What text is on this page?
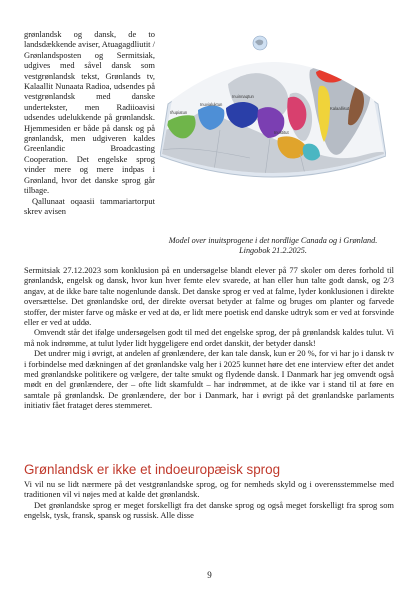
grønlandsk og dansk, de to landsdækkende aviser, Atuagagdliutit / Grønlandsposten og Sermitsiak, udgives med såvel dansk som vestgrønlandsk tekst, Grønlands tv, Kalaallit Nunaata Radioa, udsendes på vestgrønlandsk med danske undertekster, men Radiioavisi udsendes udelukkende på grønlandsk. Hjemmesiden er både på dansk og på grønlandsk, men udgiveren kaldes Greenlandic Broadcasting Cooperation. Det engelske sprog vinder mere og mere indpas i Grønland, hvor det danske sprog går tilbage.

Qallunaat oqaasii tammariartorput skrev avisen

Iñupiatun
Inuvialuktun
Inuinnaqtun
Inuktitut
Kalaallisut
Model over inuitsprogene i det nordlige Canada og i Grønland. Lingobok 21.2.2025.

Sermitsiak 27.12.2023 som konklusion på en undersøgelse blandt elever på 77 skoler om deres forhold til grønlandsk, engelsk og dansk, hvor kun hver femte elev svarede, at han eller hun talte godt dansk, og 2/3 angav, at de ikke bare talte nogenlunde dansk. Det danske sprog er ved at falme, lyder konklusionen i direkte oversættelse. Det grønlandske ord, der direkte oversat betyder at falme og bruges om planter og farvede stoffer, der mister farve og måske er ved at dø, er lidt mere poetisk end danske udtryk som er ved at forsvinde eller er ved at uddø.

Omvendt står det ifølge undersøgelsen godt til med det engelske sprog, der på grønlandsk kaldes tulut. Vi må nok indrømme, at tulut lyder lidt hyggeligere end ordet danskit, der betyder dansk!

Det undrer mig i øvrigt, at andelen af grønlændere, der kan tale dansk, kun er 20 %, for vi har jo i dansk tv i forbindelse med dækningen af det grønlandske valg her i 2025 kunnet høre det ene interview efter det andet med grønlandske politikere og vælgere, der talte smukt og flydende dansk. I Danmark har jeg omvendt også mødt en del grønlændere, der – ofte lidt skamfuldt – har indrømmet, at de ikke var i stand til at føre en samtale på grønlandsk. De grønlændere, der bor i Danmark, har i øvrigt på det grønlandske parlaments initiativ fået frataget deres stemmeret.

Grønlandsk er ikke et indoeuropæisk sprog

Vi vil nu se lidt nærmere på det vestgrønlandske sprog, og for nemheds skyld og i overensstemmelse med traditionen vil vi nøjes med at kalde det grønlandsk.

Det grønlandske sprog er meget forskelligt fra det danske sprog og også meget forskelligt fra sprog som engelsk, tysk, fransk, spansk og russisk. Alle disse

9
